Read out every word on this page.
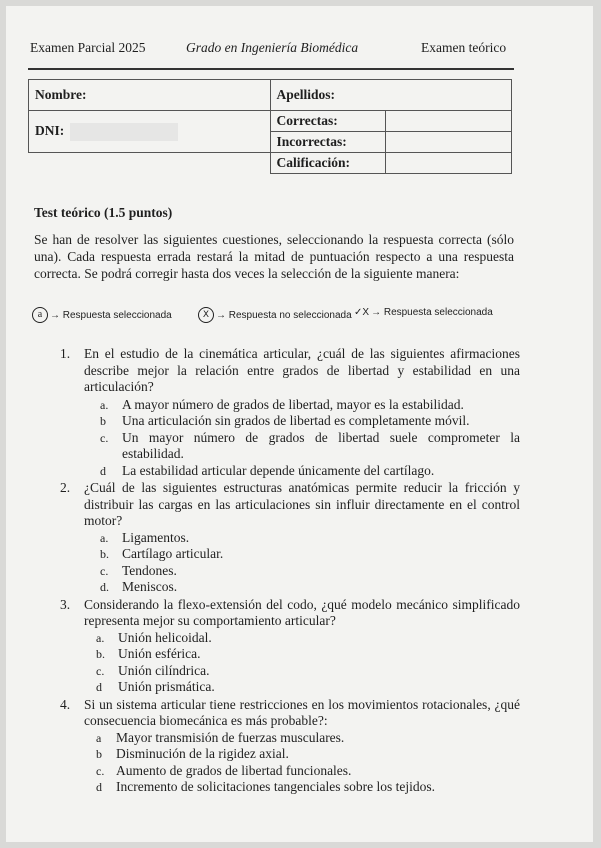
Examen Parcial 2025	Grado en Ingeniería Biomédica	Examen teórico
Nombre:	Apellidos:	
DNI:	Correctas:	
	Incorrectas:	
	Calificación:	
Test teórico (1.5 puntos)
Se han de resolver las siguientes cuestiones, seleccionando la respuesta correcta (sólo una). Cada respuesta errada restará la mitad de puntuación respecto a una respuesta correcta. Se podrá corregir hasta dos veces la selección de la siguiente manera:
a → Respuesta seleccionada	X → Respuesta no seleccionada ✓X → Respuesta seleccionada
1. En el estudio de la cinemática articular, ¿cuál de las siguientes afirmaciones describe mejor la relación entre grados de libertad y estabilidad en una articulación?
a. A mayor número de grados de libertad, mayor es la estabilidad.
b Una articulación sin grados de libertad es completamente móvil.
c. Un mayor número de grados de libertad suele comprometer la estabilidad.
d La estabilidad articular depende únicamente del cartílago.
2. ¿Cuál de las siguientes estructuras anatómicas permite reducir la fricción y distribuir las cargas en las articulaciones sin influir directamente en el control motor?
a. Ligamentos.
b. Cartílago articular.
c. Tendones.
d. Meniscos.
3. Considerando la flexo-extensión del codo, ¿qué modelo mecánico simplificado representa mejor su comportamiento articular?
a. Unión helicoidal.
b. Unión esférica.
c. Unión cilíndrica.
d Unión prismática.
4. Si un sistema articular tiene restricciones en los movimientos rotacionales, ¿qué consecuencia biomecánica es más probable?:
a Mayor transmisión de fuerzas musculares.
b Disminución de la rigidez axial.
c. Aumento de grados de libertad funcionales.
d Incremento de solicitaciones tangenciales sobre los tejidos.
